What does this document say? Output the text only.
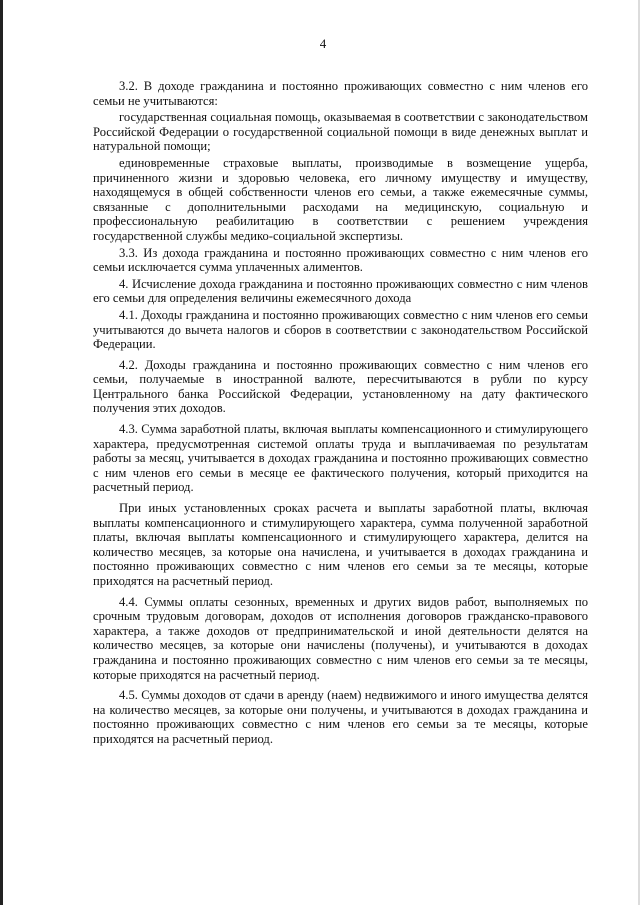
4

3.2. В доходе гражданина и постоянно проживающих совместно с ним членов его семьи не учитываются:

государственная социальная помощь, оказываемая в соответствии с законодательством Российской Федерации о государственной социальной помощи в виде денежных выплат и натуральной помощи;

единовременные страховые выплаты, производимые в возмещение ущерба, причиненного жизни и здоровью человека, его личному имуществу и имуществу, находящемуся в общей собственности членов его семьи, а также ежемесячные суммы, связанные с дополнительными расходами на медицинскую, социальную и профессиональную реабилитацию в соответствии с решением учреждения государственной службы медико-социальной экспертизы.

3.3. Из дохода гражданина и постоянно проживающих совместно с ним членов его семьи исключается сумма уплаченных алиментов.

4. Исчисление дохода гражданина и постоянно проживающих совместно с ним членов его семьи для определения величины ежемесячного дохода

4.1. Доходы гражданина и постоянно проживающих совместно с ним членов его семьи учитываются до вычета налогов и сборов в соответствии с законодательством Российской Федерации.

4.2. Доходы гражданина и постоянно проживающих совместно с ним членов его семьи, получаемые в иностранной валюте, пересчитываются в рубли по курсу Центрального банка Российской Федерации, установленному на дату фактического получения этих доходов.

4.3. Сумма заработной платы, включая выплаты компенсационного и стимулирующего характера, предусмотренная системой оплаты труда и выплачиваемая по результатам работы за месяц, учитывается в доходах гражданина и постоянно проживающих совместно с ним членов его семьи в месяце ее фактического получения, который приходится на расчетный период.

При иных установленных сроках расчета и выплаты заработной платы, включая выплаты компенсационного и стимулирующего характера, сумма полученной заработной платы, включая выплаты компенсационного и стимулирующего характера, делится на количество месяцев, за которые она начислена, и учитывается в доходах гражданина и постоянно проживающих совместно с ним членов его семьи за те месяцы, которые приходятся на расчетный период.

4.4. Суммы оплаты сезонных, временных и других видов работ, выполняемых по срочным трудовым договорам, доходов от исполнения договоров гражданско-правового характера, а также доходов от предпринимательской и иной деятельности делятся на количество месяцев, за которые они начислены (получены), и учитываются в доходах гражданина и постоянно проживающих совместно с ним членов его семьи за те месяцы, которые приходятся на расчетный период.

4.5. Суммы доходов от сдачи в аренду (наем) недвижимого и иного имущества делятся на количество месяцев, за которые они получены, и учитываются в доходах гражданина и постоянно проживающих совместно с ним членов его семьи за те месяцы, которые приходятся на расчетный период.
